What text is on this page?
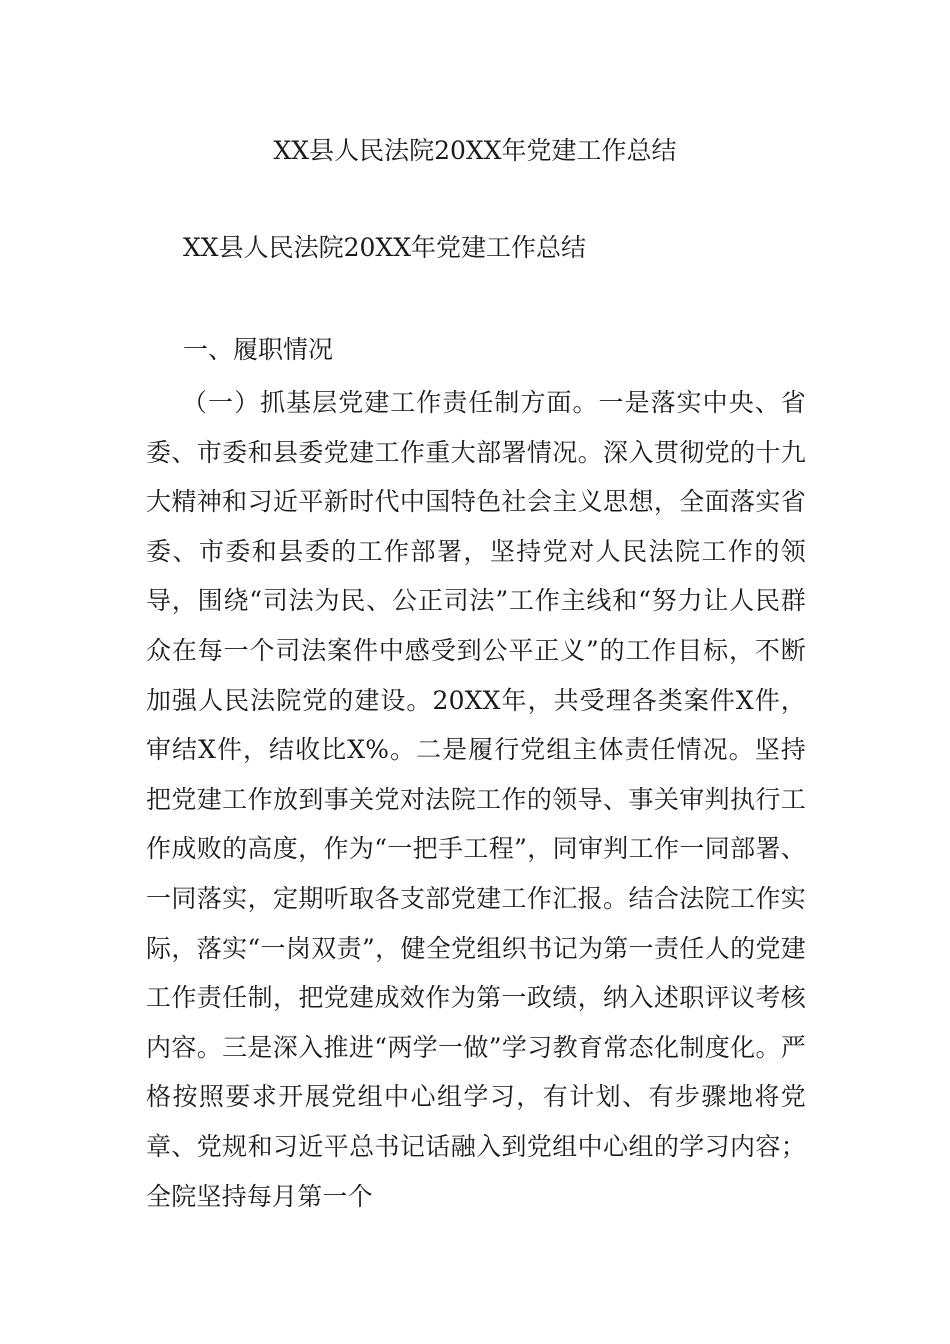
XX县人民法院20XX年党建工作总结
XX县人民法院20XX年党建工作总结
一、履职情况

（一）抓基层党建工作责任制方面。一是落实中央、省委、市委和县委党建工作重大部署情况。深入贯彻党的十九大精神和习近平新时代中国特色社会主义思想，全面落实省委、市委和县委的工作部署，坚持党对人民法院工作的领导，围绕“司法为民、公正司法”工作主线和“努力让人民群众在每一个司法案件中感受到公平正义”的工作目标，不断加强人民法院党的建设。20XX年，共受理各类案件X件，审结X件，结收比X%。二是履行党组主体责任情况。坚持把党建工作放到事关党对法院工作的领导、事关审判执行工作成败的高度，作为“一把手工程”，同审判工作一同部署、一同落实，定期听取各支部党建工作汇报。结合法院工作实际，落实“一岗双责”，健全党组织书记为第一责任人的党建工作责任制，把党建成效作为第一政绩，纳入述职评议考核内容。三是深入推进“两学一做”学习教育常态化制度化。严格按照要求开展党组中心组学习，有计划、有步骤地将党章、党规和习近平总书记话融入到党组中心组的学习内容；全院坚持每月第一个
